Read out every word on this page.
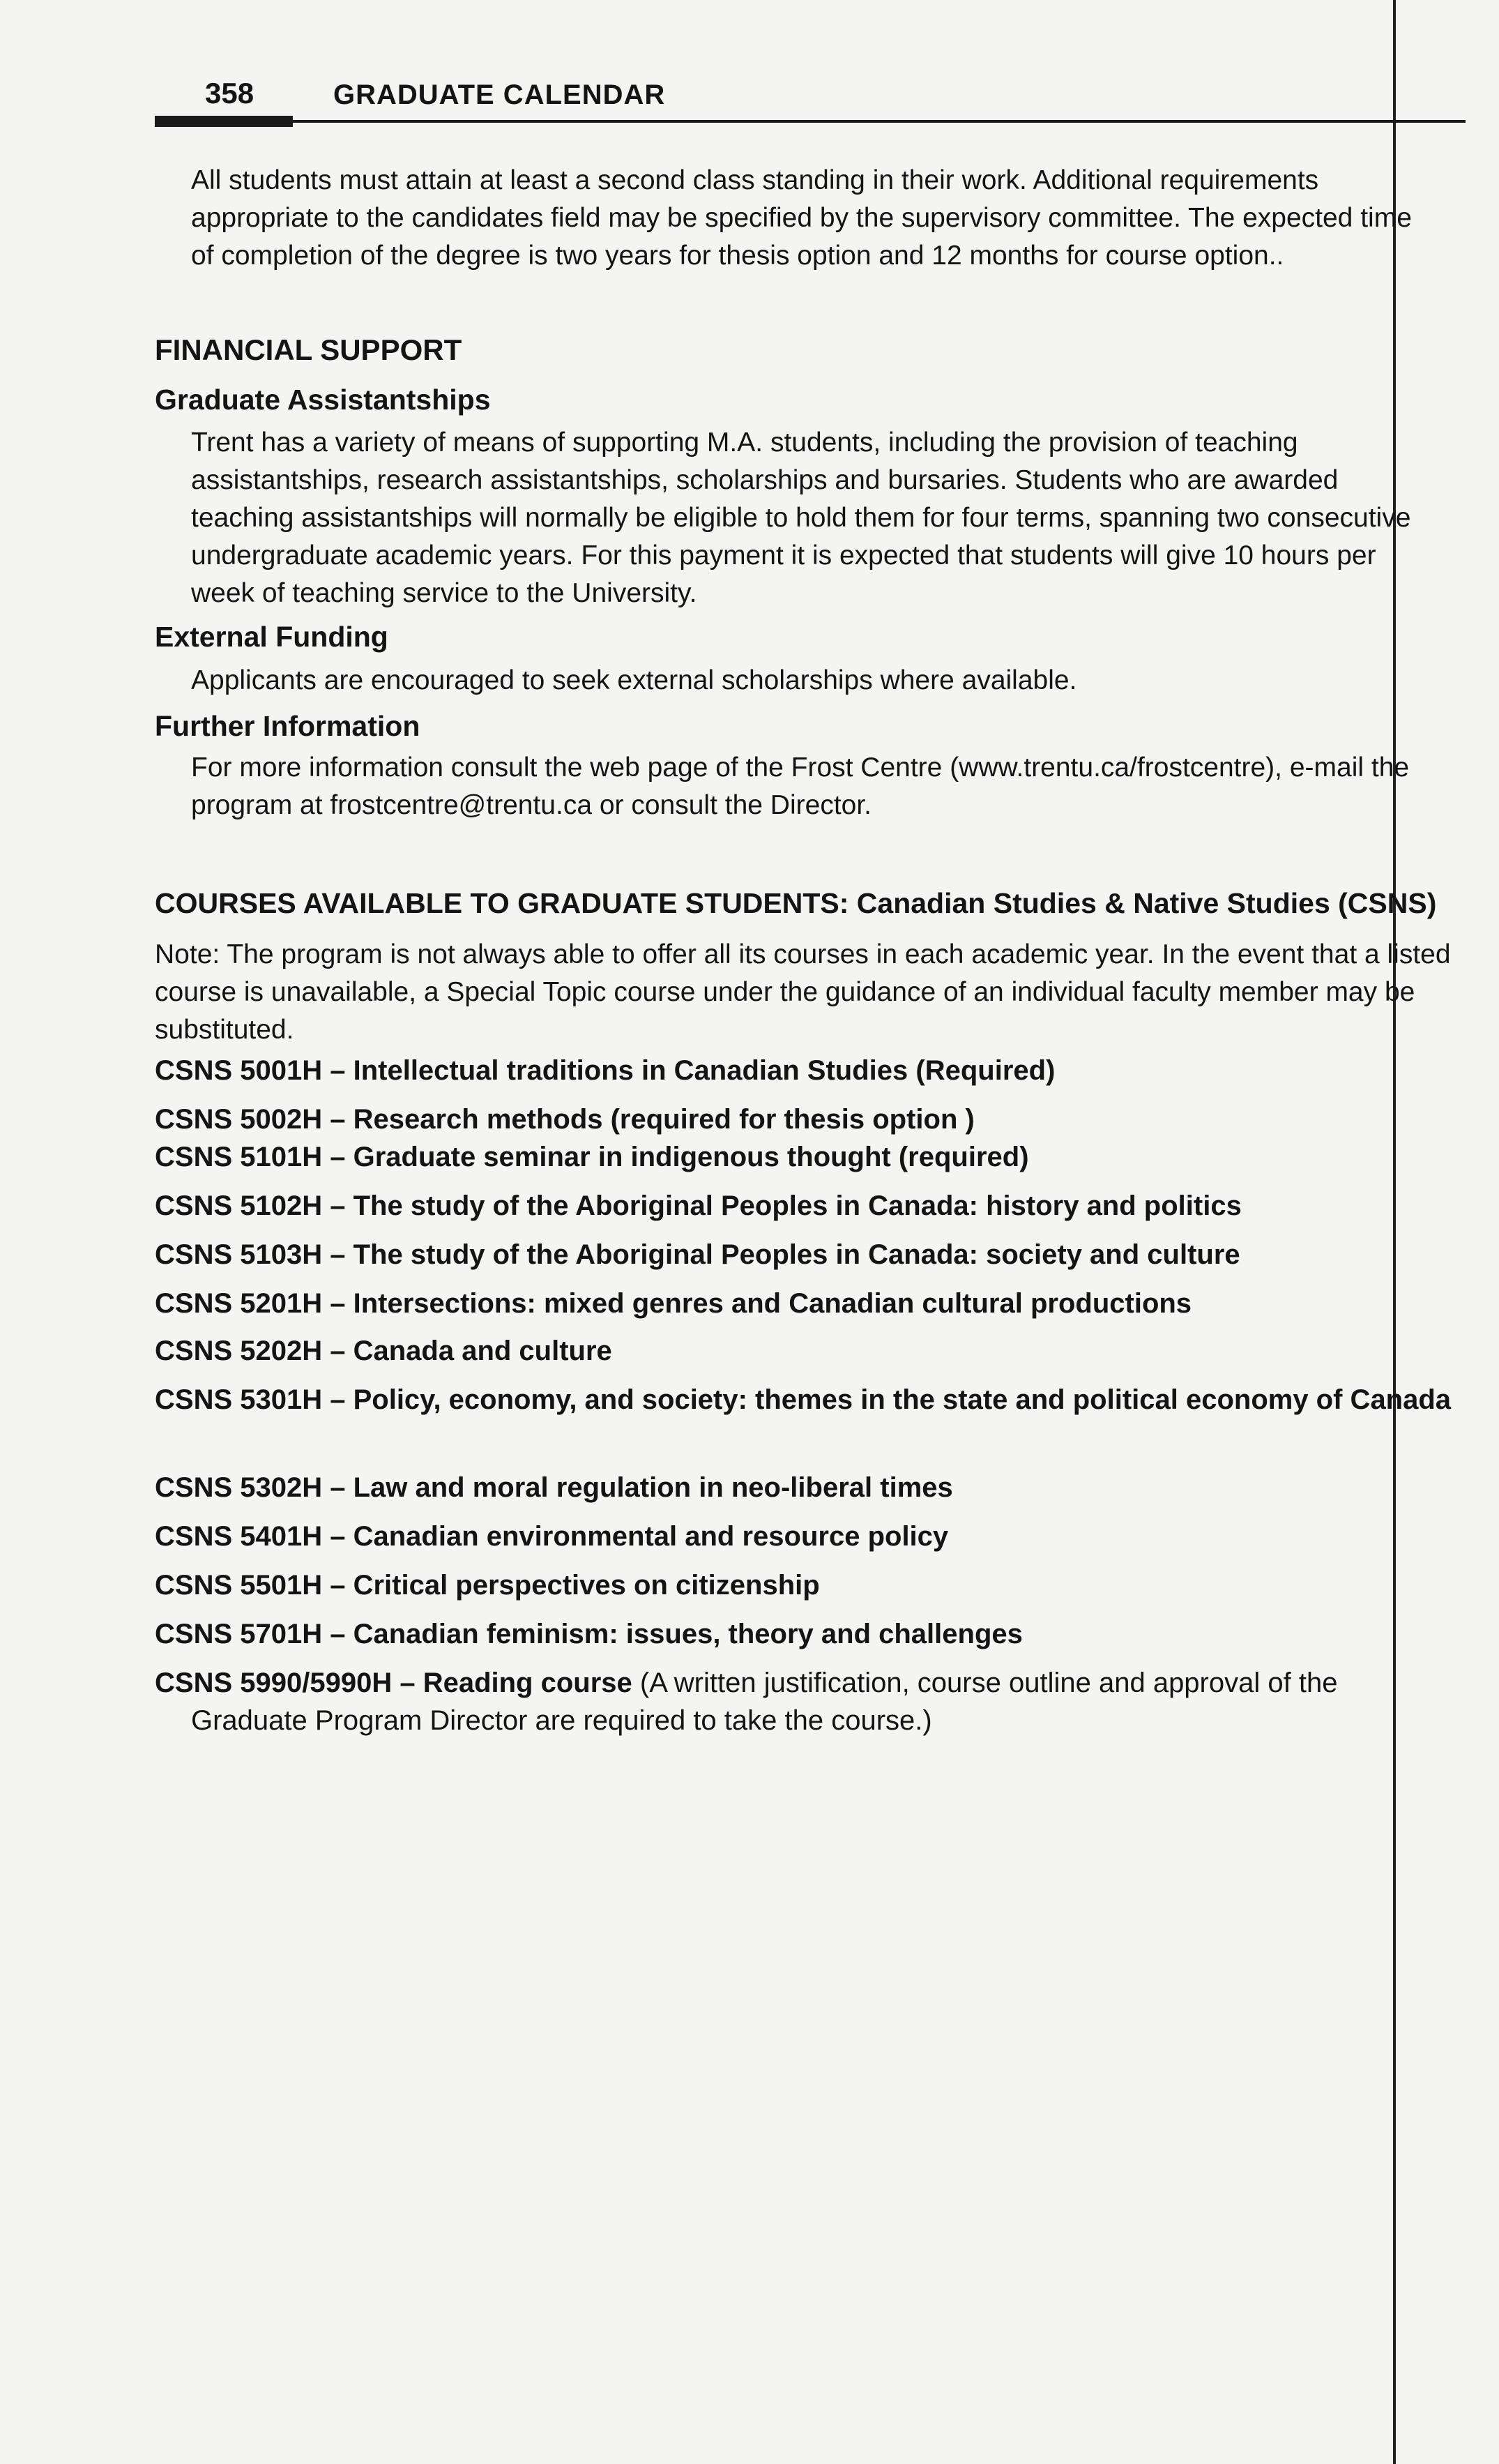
358	GRADUATE CALENDAR

All students must attain at least a second class standing in their work. Additional requirements appropriate to the candidates field may be specified by the supervisory committee. The expected time of completion of the degree is two years for thesis option and 12 months for course option..

FINANCIAL SUPPORT
Graduate Assistantships

Trent has a variety of means of supporting M.A. students, including the provision of teaching assistantships, research assistantships, scholarships and bursaries. Students who are awarded teaching assistantships will normally be eligible to hold them for four terms, spanning two consecutive undergraduate academic years. For this payment it is expected that students will give 10 hours per week of teaching service to the University.

External Funding

Applicants are encouraged to seek external scholarships where available.

Further Information

For more information consult the web page of the Frost Centre (www.trentu.ca/frostcentre), e-mail the program at frostcentre@trentu.ca or consult the Director.

COURSES AVAILABLE TO GRADUATE STUDENTS: Canadian Studies & Native Studies (CSNS)

Note: The program is not always able to offer all its courses in each academic year. In the event that a listed course is unavailable, a Special Topic course under the guidance of an individual faculty member may be substituted.

CSNS 5001H – Intellectual traditions in Canadian Studies (Required)
CSNS 5002H – Research methods (required for thesis option )
CSNS 5101H – Graduate seminar in indigenous thought (required)
CSNS 5102H – The study of the Aboriginal Peoples in Canada: history and politics
CSNS 5103H – The study of the Aboriginal Peoples in Canada: society and culture
CSNS 5201H – Intersections: mixed genres and Canadian cultural productions
CSNS 5202H – Canada and culture
CSNS 5301H – Policy, economy, and society: themes in the state and political economy of Canada
CSNS 5302H – Law and moral regulation in neo-liberal times
CSNS 5401H – Canadian environmental and resource policy
CSNS 5501H – Critical perspectives on citizenship
CSNS 5701H – Canadian feminism: issues, theory and challenges
CSNS 5990/5990H – Reading course (A written justification, course outline and approval of the Graduate Program Director are required to take the course.)
